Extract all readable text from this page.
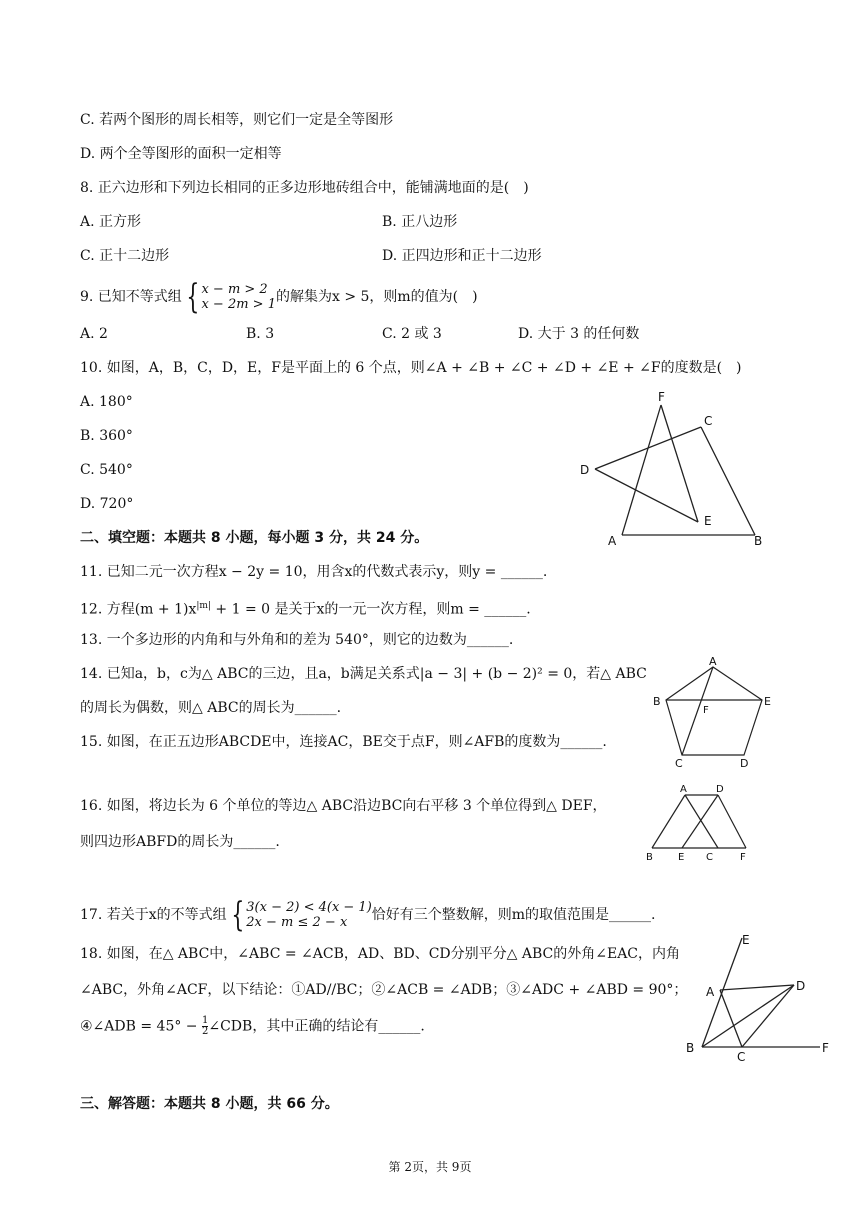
C. 若两个图形的周长相等，则它们一定是全等图形
D. 两个全等图形的面积一定相等
8. 正六边形和下列边长相同的正多边形地砖组合中，能铺满地面的是( )
A. 正方形	B. 正八边形
C. 正十二边形	D. 正四边形和正十二边形
9. 已知不等式组 { x − m > 2
x − 2m > 1 的解集为x > 5，则m的值为( )
A. 2	B. 3	C. 2 或 3	D. 大于 3 的任何数
10. 如图，A，B，C，D，E，F是平面上的 6 个点，则∠A + ∠B + ∠C + ∠D + ∠E + ∠F的度数是( )
A. 180°
B. 360°
C. 540°
D. 720°
F
C
D
E
A	B
二、填空题：本题共 8 小题，每小题 3 分，共 24 分。
11. 已知二元一次方程x − 2y = 10，用含x的代数式表示y，则y = ______.
12. 方程$(m + 1)x^{|m|} + 1 = 0$ 是关于x的一元一次方程，则m = ______.
13. 一个多边形的内角和与外角和的差为 540°，则它的边数为______.
14. 已知a，b，c为△ ABC的三边，且a，b满足关系式|a − 3| + (b − 2)² = 0，若△ ABC
的周长为偶数，则△ ABC的周长为______.
15. 如图，在正五边形ABCDE中，连接AC，BE交于点F，则∠AFB的度数为______.
A
B	E
F
C	D
16. 如图，将边长为 6 个单位的等边△ ABC沿边BC向右平移 3 个单位得到△ DEF，
则四边形ABFD的周长为______.
A	D
B	E C	F
17. 若关于x的不等式组 { 3(x − 2) < 4(x − 1)
2x − m ≤ 2 − x	恰好有三个整数解，则m的取值范围是______.
18. 如图，在△ ABC中，∠ABC = ∠ACB，AD、BD、CD分别平分△ ABC的外角∠EAC，内角
∠ABC，外角∠ACF，以下结论：①AD//BC；②∠ACB = ∠ADB；③∠ADC + ∠ABD = 90°；
④∠ADB = $45^\circ - \frac{1}{2}$ ∠CDB，其中正确的结论有______.
E
A	D
B
C
F
三、解答题：本题共 8 小题，共 66 分。
第 2页，共 9页
